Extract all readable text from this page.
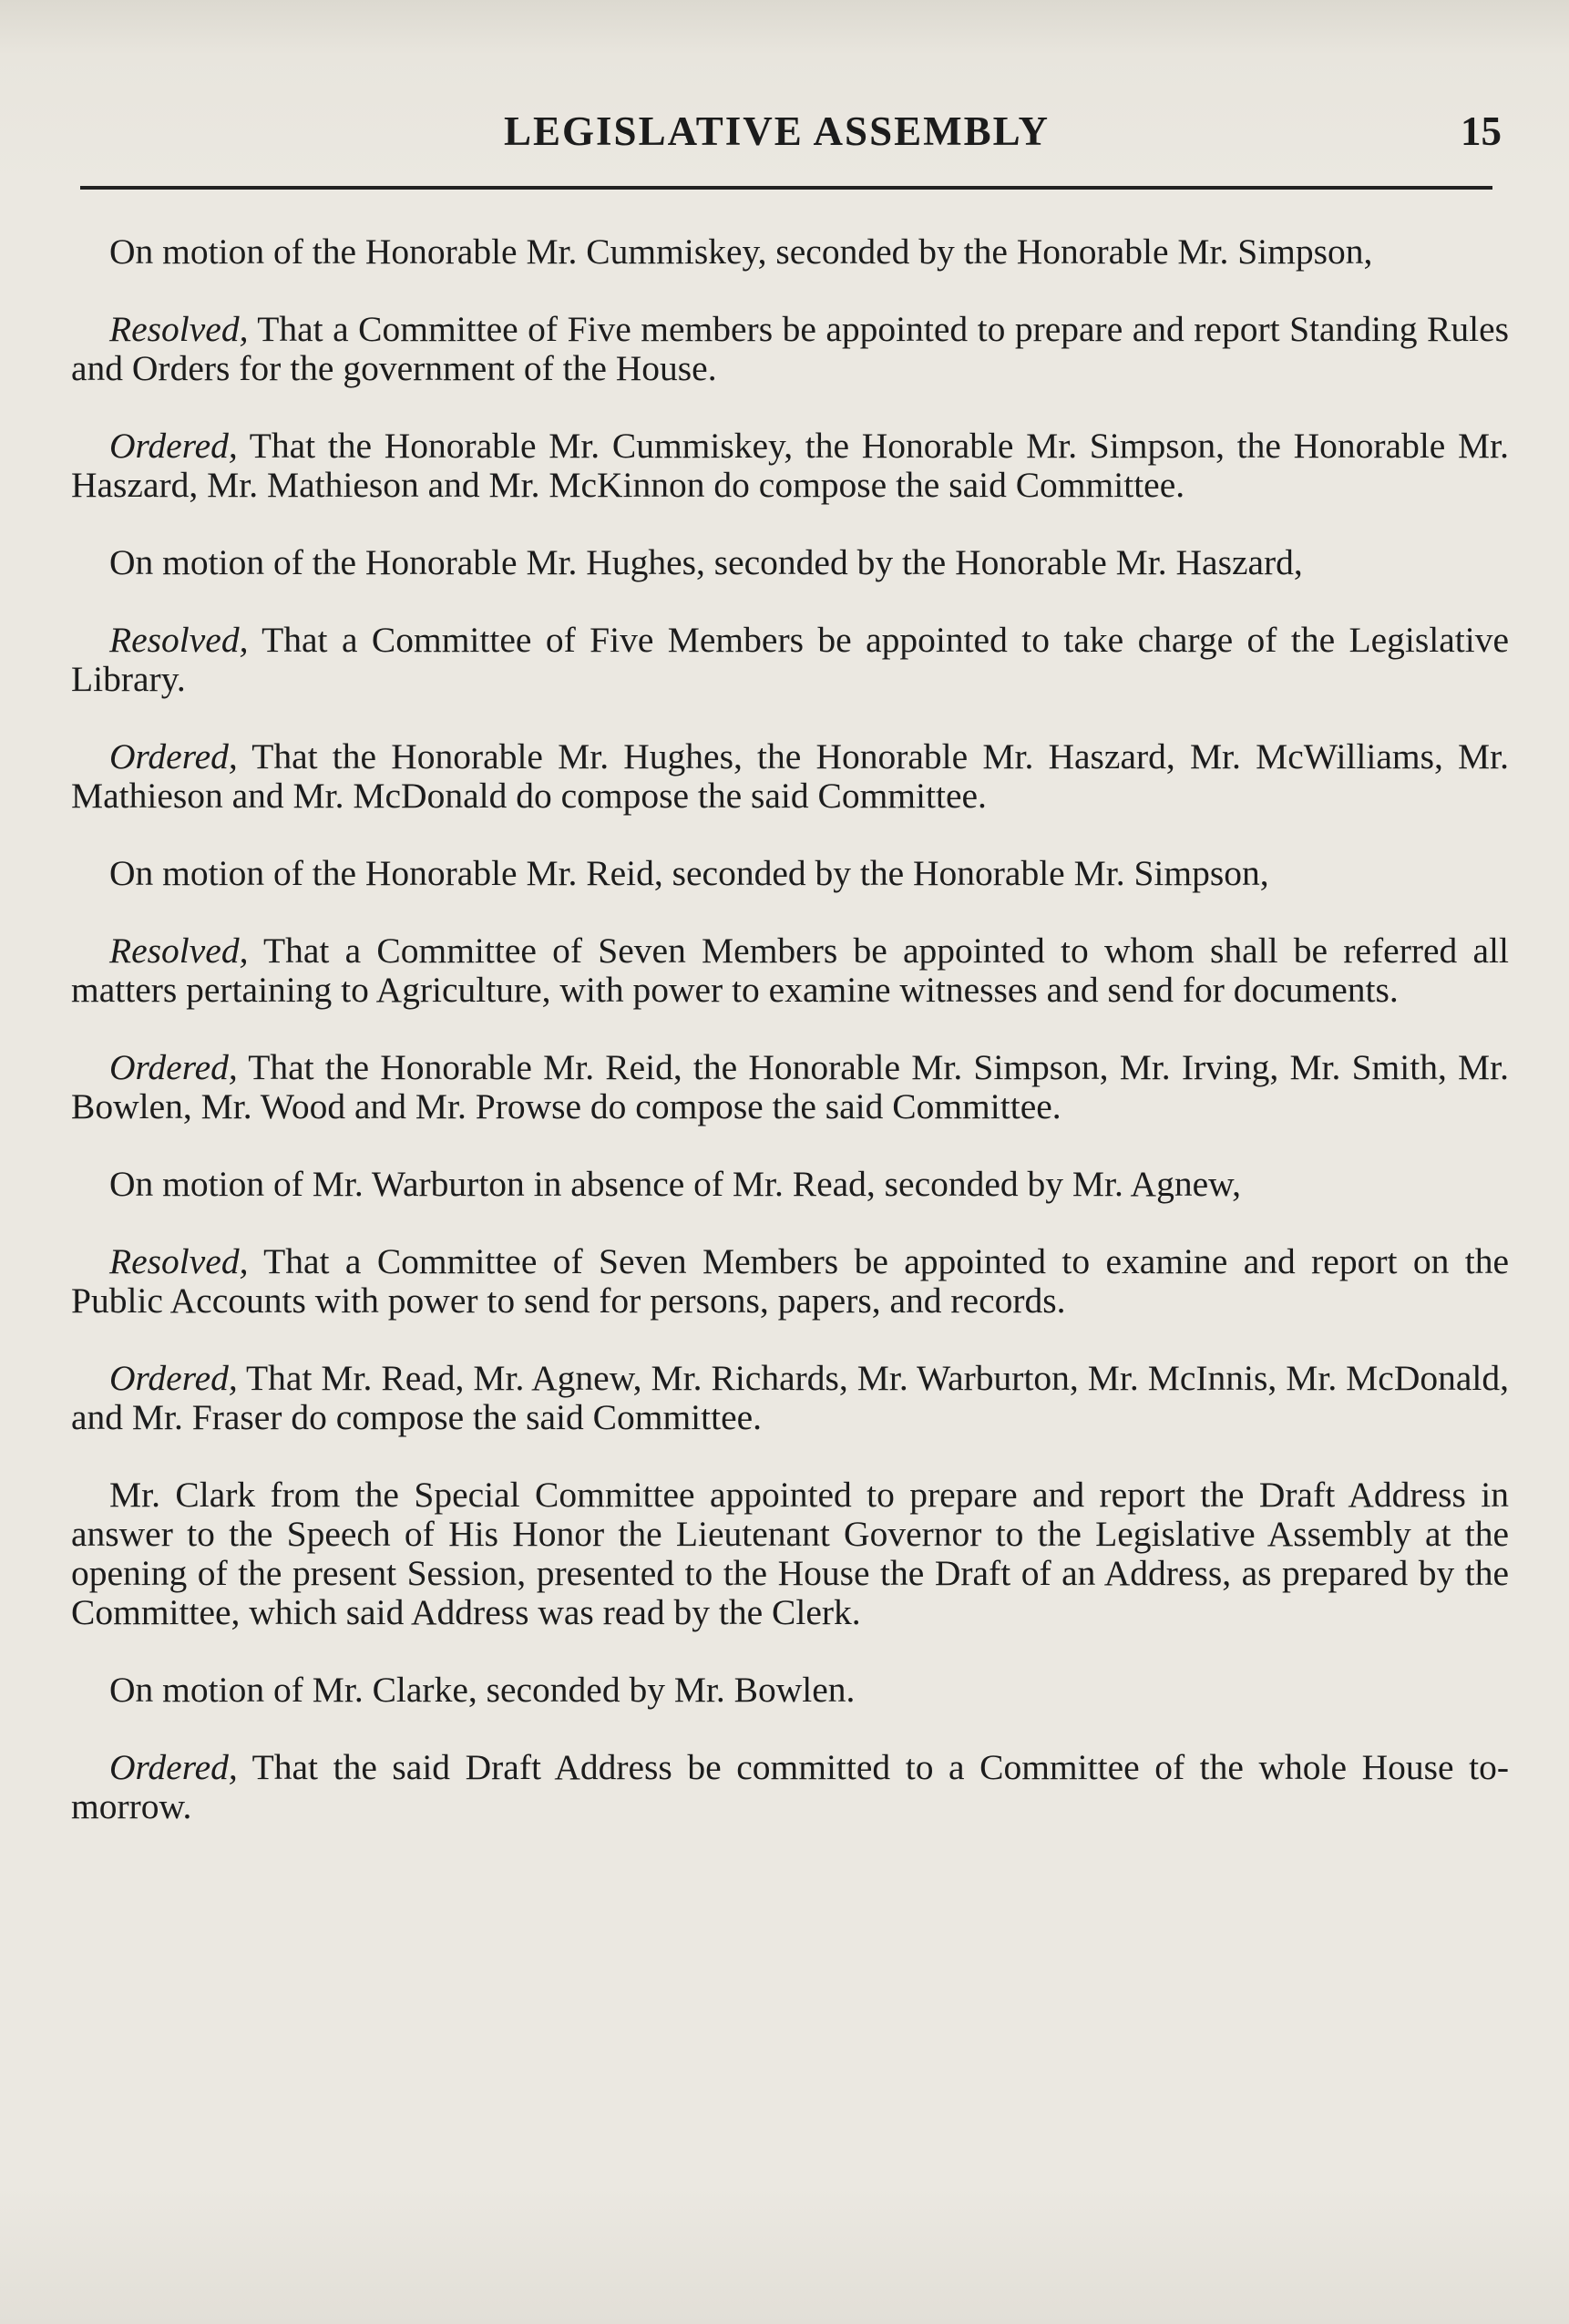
LEGISLATIVE ASSEMBLY	15

On motion of the Honorable Mr. Cummiskey, seconded by the Honorable Mr. Simpson,

Resolved, That a Committee of Five members be appointed to prepare and report Standing Rules and Orders for the government of the House.

Ordered, That the Honorable Mr. Cummiskey, the Honorable Mr. Simpson, the Honorable Mr. Haszard, Mr. Mathieson and Mr. McKinnon do compose the said Committee.

On motion of the Honorable Mr. Hughes, seconded by the Honorable Mr. Haszard,

Resolved, That a Committee of Five Members be appointed to take charge of the Legislative Library.

Ordered, That the Honorable Mr. Hughes, the Honorable Mr. Haszard, Mr. McWilliams, Mr. Mathieson and Mr. McDonald do compose the said Committee.

On motion of the Honorable Mr. Reid, seconded by the Honorable Mr. Simpson,

Resolved, That a Committee of Seven Members be appointed to whom shall be referred all matters pertaining to Agriculture, with power to examine witnesses and send for documents.

Ordered, That the Honorable Mr. Reid, the Honorable Mr. Simpson, Mr. Irving, Mr. Smith, Mr. Bowlen, Mr. Wood and Mr. Prowse do compose the said Committee.

On motion of Mr. Warburton in absence of Mr. Read, seconded by Mr. Agnew,

Resolved, That a Committee of Seven Members be appointed to examine and report on the Public Accounts with power to send for persons, papers, and records.

Ordered, That Mr. Read, Mr. Agnew, Mr. Richards, Mr. Warburton, Mr. McInnis, Mr. McDonald, and Mr. Fraser do compose the said Committee.

Mr. Clark from the Special Committee appointed to prepare and report the Draft Address in answer to the Speech of His Honor the Lieutenant Governor to the Legislative Assembly at the opening of the present Session, presented to the House the Draft of an Address, as prepared by the Committee, which said Address was read by the Clerk.

On motion of Mr. Clarke, seconded by Mr. Bowlen.

Ordered, That the said Draft Address be committed to a Committee of the whole House to-morrow.
